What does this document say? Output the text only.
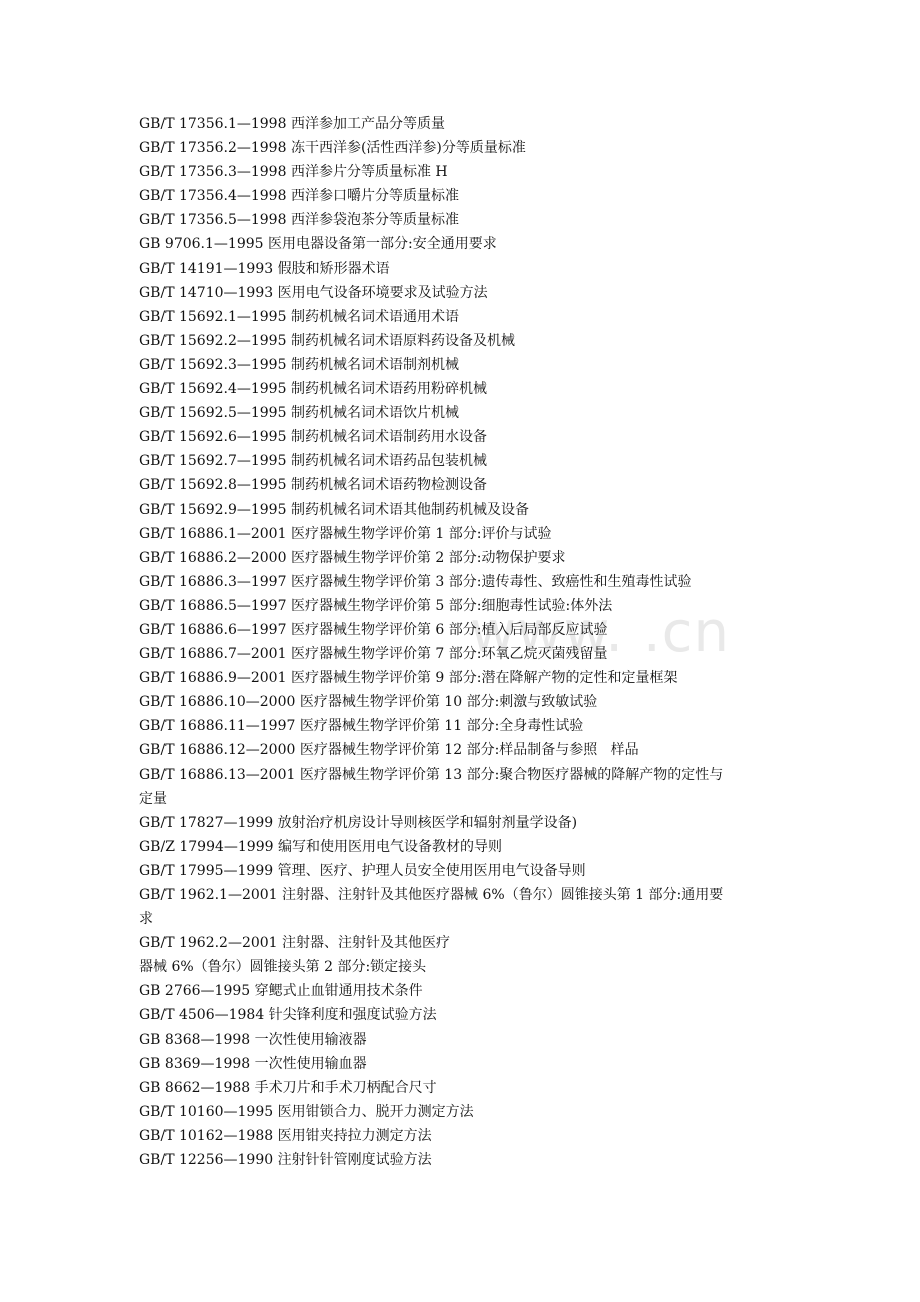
www. .cn
GB/T 17356.1—1998 西洋参加工产品分等质量
GB/T 17356.2—1998 冻干西洋参(活性西洋参)分等质量标准
GB/T 17356.3—1998 西洋参片分等质量标准 H
GB/T 17356.4—1998 西洋参口嚼片分等质量标准
GB/T 17356.5—1998 西洋参袋泡茶分等质量标准
GB 9706.1—1995 医用电器设备第一部分:安全通用要求
GB/T 14191—1993 假肢和矫形器术语
GB/T 14710—1993 医用电气设备环境要求及试验方法
GB/T 15692.1—1995 制药机械名词术语通用术语
GB/T 15692.2—1995 制药机械名词术语原料药设备及机械
GB/T 15692.3—1995 制药机械名词术语制剂机械
GB/T 15692.4—1995 制药机械名词术语药用粉碎机械
GB/T 15692.5—1995 制药机械名词术语饮片机械
GB/T 15692.6—1995 制药机械名词术语制药用水设备
GB/T 15692.7—1995 制药机械名词术语药品包装机械
GB/T 15692.8—1995 制药机械名词术语药物检测设备
GB/T 15692.9—1995 制药机械名词术语其他制药机械及设备
GB/T 16886.1—2001 医疗器械生物学评价第 1 部分:评价与试验
GB/T 16886.2—2000 医疗器械生物学评价第 2 部分:动物保护要求
GB/T 16886.3—1997 医疗器械生物学评价第 3 部分:遗传毒性、致癌性和生殖毒性试验
GB/T 16886.5—1997 医疗器械生物学评价第 5 部分:细胞毒性试验:体外法
GB/T 16886.6—1997 医疗器械生物学评价第 6 部分:植入后局部反应试验
GB/T 16886.7—2001 医疗器械生物学评价第 7 部分:环氧乙烷灭菌残留量
GB/T 16886.9—2001 医疗器械生物学评价第 9 部分:潜在降解产物的定性和定量框架
GB/T 16886.10—2000 医疗器械生物学评价第 10 部分:刺激与致敏试验
GB/T 16886.11—1997 医疗器械生物学评价第 11 部分:全身毒性试验
GB/T 16886.12—2000 医疗器械生物学评价第 12 部分:样品制备与参照   样品
GB/T 16886.13—2001 医疗器械生物学评价第 13 部分:聚合物医疗器械的降解产物的定性与
定量
GB/T 17827—1999 放射治疗机房设计导则核医学和辐射剂量学设备)
GB/Z 17994—1999 编写和使用医用电气设备教材的导则
GB/T 17995—1999 管理、医疗、护理人员安全使用医用电气设备导则
GB/T 1962.1—2001 注射器、注射针及其他医疗器械 6%（鲁尔）圆锥接头第 1 部分:通用要
求
GB/T 1962.2—2001 注射器、注射针及其他医疗
器械 6%（鲁尔）圆锥接头第 2 部分:锁定接头
GB 2766—1995 穿鳃式止血钳通用技术条件
GB/T 4506—1984 针尖锋利度和强度试验方法
GB 8368—1998 一次性使用输液器
GB 8369—1998 一次性使用输血器
GB 8662—1988 手术刀片和手术刀柄配合尺寸
GB/T 10160—1995 医用钳锁合力、脱开力测定方法
GB/T 10162—1988 医用钳夹持拉力测定方法
GB/T 12256—1990 注射针针管刚度试验方法
